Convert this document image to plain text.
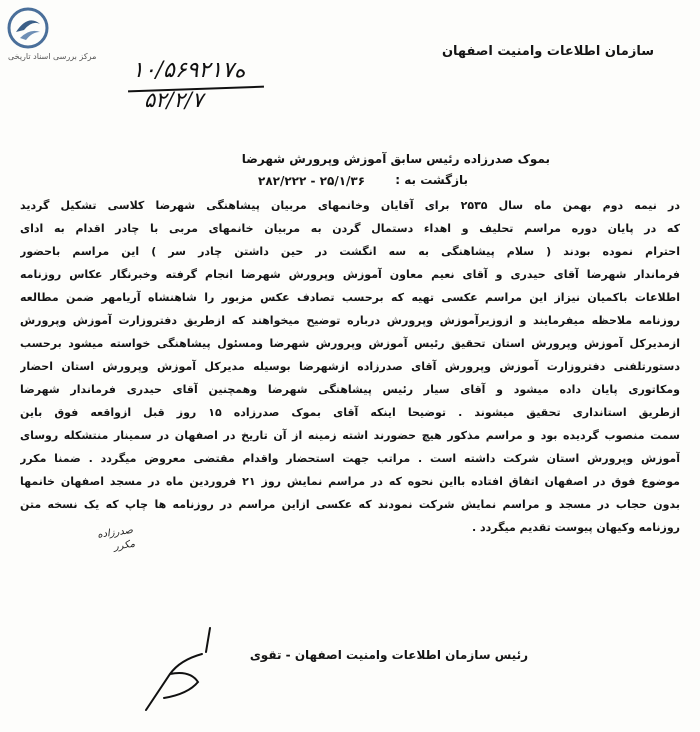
مرکز بررسی اسناد تاریخی	سازمان اطلاعات وامنیت اصفهان
۱۰/۵۶۹۲ه۱۷
۵۲/۲/۷
بموک صدرزاده رئیس سابق آموزش وپرورش شهرضا
بازگشت به :
۲۸۲/۲۲۲ - ۲۵/۱/۳۶
در نیمه دوم بهمن ماه سال ۲۵۳۵ برای آقایان وخانمهای مربیان پیشاهنگی شهرضا کلاسی تشکیل گردید
که در پایان دوره مراسم تحلیف و اهداء دستمال گردن به مربیان خانمهای مربی با چادر اقدام به ادای
احترام نموده بودند ( سلام پیشاهنگی به سه انگشت در حین داشتن چادر سر ) این مراسم باحضور
فرماندار شهرضا آقای حیدری و آقای نعیم معاون آموزش وپرورش شهرضا انجام گرفته وخبرنگار عکاس روزنامه
اطلاعات باکمیان نیزاز این مراسم عکسی تهیه که برحسب تصادف عکس مزبور را شاهنشاه آریامهر ضمن مطالعه
روزنامه ملاحظه میفرمایند و ازوزیرآموزش وپرورش درباره توضیح میخواهند که ازطریق دفتروزارت آموزش وپرورش
ازمدیرکل آموزش وپرورش استان تحقیق رئیس آموزش وپرورش شهرضا ومسئول پیشاهنگی خواسته میشود برحسب
دستورتلفنی دفتروزارت آموزش وپرورش آقای صدرزاده ازشهرضا بوسیله مدیرکل آموزش وپرورش استان احضار
ومکاتوری پایان داده میشود و آقای سیار رئیس پیشاهنگی شهرضا وهمچنین آقای حیدری فرماندار شهرضا
ازطریق استانداری تحقیق میشوند . توضیحا اینکه آقای بموک صدرزاده ۱۵ روز قبل ازواقعه فوق باین
سمت منصوب گردیده بود و مراسم مذکور هیچ حضورند اشته زمینه از آن تاریخ در اصفهان در سمینار منتشکله روسای
آموزش وپرورش استان شرکت داشته است . مراتب جهت استحضار واقدام مقتضی معروض میگردد . ضمنا مکرر
موضوع فوق در اصفهان اتفاق افتاده بااین نحوه که در مراسم نمایش روز ۲۱ فروردین ماه در مسجد اصفهان خانمها
بدون حجاب در مسجد و مراسم نمایش شرکت نمودند که عکسی ازاین مراسم در روزنامه ها چاپ که یک نسخه متن
روزنامه وکیهان پیوست تقدیم میگردد .
صدرزاده
مکرر
رئیس سازمان اطلاعات وامنیت اصفهان - تقوی
